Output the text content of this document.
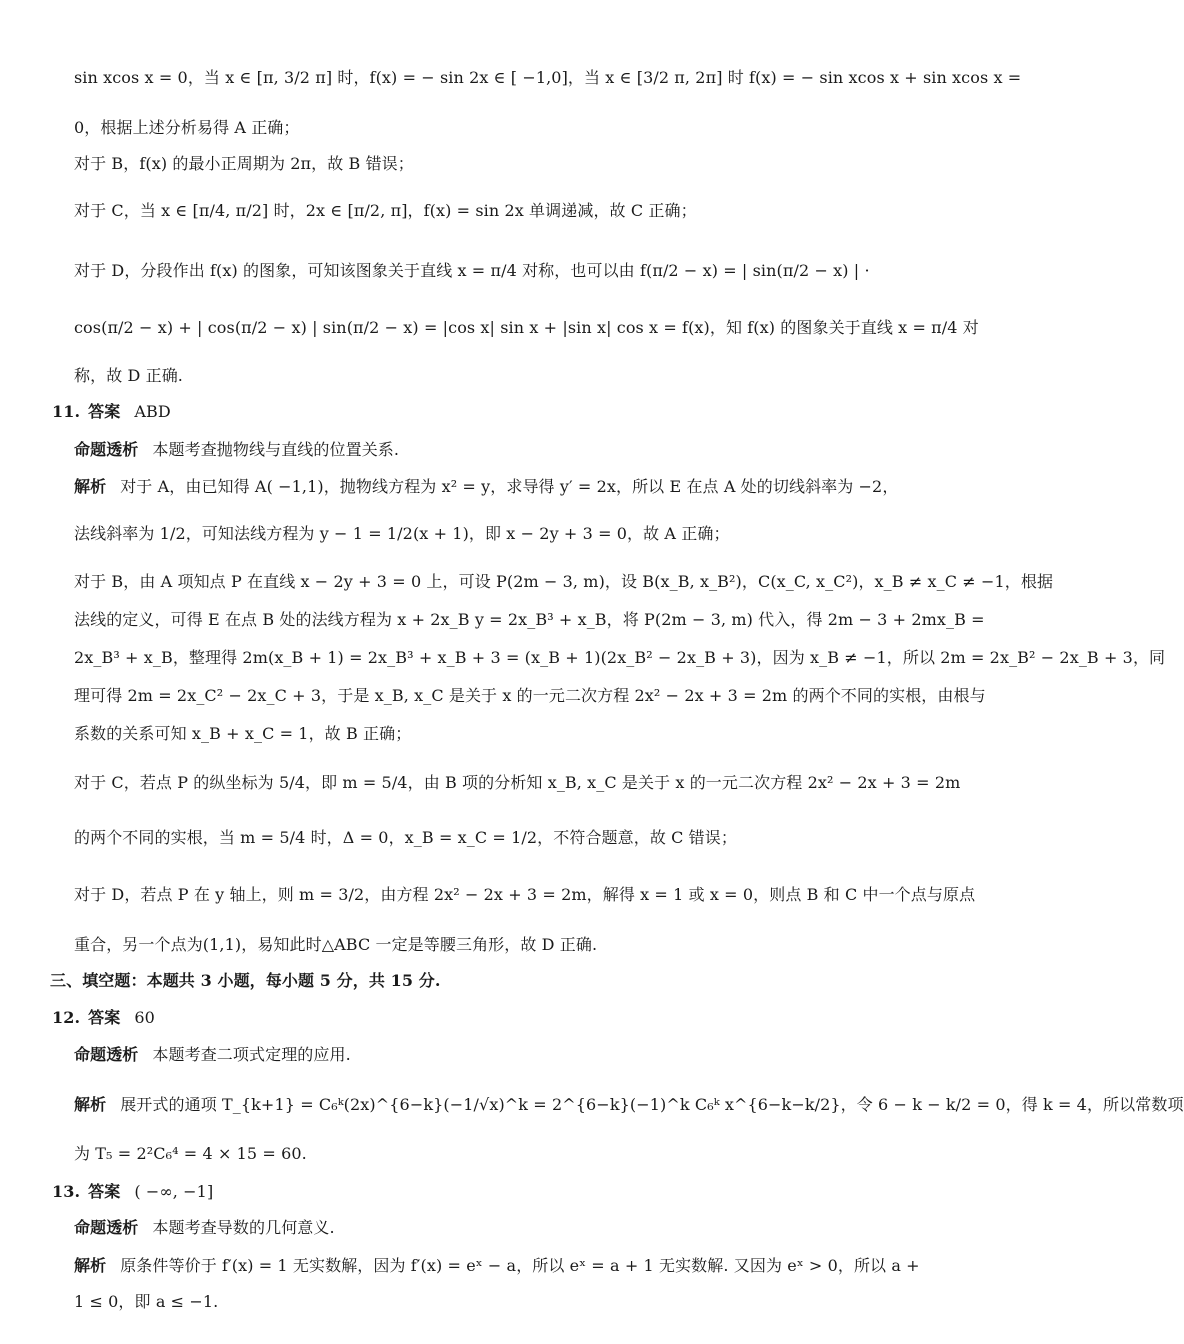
sin xcos x = 0，当 x ∈ [π, 3/2 π] 时，f(x) = − sin 2x ∈ [ −1,0]，当 x ∈ [3/2 π, 2π] 时 f(x) = − sin xcos x + sin xcos x =
0，根据上述分析易得 A 正确；
对于 B，f(x) 的最小正周期为 2π，故 B 错误；
对于 C，当 x ∈ [π/4, π/2] 时，2x ∈ [π/2, π]，f(x) = sin 2x 单调递减，故 C 正确；
对于 D，分段作出 f(x) 的图象，可知该图象关于直线 x = π/4 对称，也可以由 f(π/2 − x) = | sin(π/2 − x) | ·
cos(π/2 − x) + | cos(π/2 − x) | sin(π/2 − x) = |cos x| sin x + |sin x| cos x = f(x)，知 f(x) 的图象关于直线 x = π/4 对
称，故 D 正确.
11. 答案 ABD
命题透析 本题考查抛物线与直线的位置关系.
解析 对于 A，由已知得 A( −1,1)，抛物线方程为 x² = y，求导得 y′ = 2x，所以 E 在点 A 处的切线斜率为 −2，
法线斜率为 1/2，可知法线方程为 y − 1 = 1/2(x + 1)，即 x − 2y + 3 = 0，故 A 正确；
对于 B，由 A 项知点 P 在直线 x − 2y + 3 = 0 上，可设 P(2m − 3, m)，设 B(x_B, x_B²)，C(x_C, x_C²)，x_B ≠ x_C ≠ −1，根据
法线的定义，可得 E 在点 B 处的法线方程为 x + 2x_B y = 2x_B³ + x_B，将 P(2m − 3, m) 代入，得 2m − 3 + 2mx_B =
2x_B³ + x_B，整理得 2m(x_B + 1) = 2x_B³ + x_B + 3 = (x_B + 1)(2x_B² − 2x_B + 3)，因为 x_B ≠ −1，所以 2m = 2x_B² − 2x_B + 3，同
理可得 2m = 2x_C² − 2x_C + 3，于是 x_B, x_C 是关于 x 的一元二次方程 2x² − 2x + 3 = 2m 的两个不同的实根，由根与
系数的关系可知 x_B + x_C = 1，故 B 正确；
对于 C，若点 P 的纵坐标为 5/4，即 m = 5/4，由 B 项的分析知 x_B, x_C 是关于 x 的一元二次方程 2x² − 2x + 3 = 2m
的两个不同的实根，当 m = 5/4 时，Δ = 0，x_B = x_C = 1/2，不符合题意，故 C 错误；
对于 D，若点 P 在 y 轴上，则 m = 3/2，由方程 2x² − 2x + 3 = 2m，解得 x = 1 或 x = 0，则点 B 和 C 中一个点与原点
重合，另一个点为(1,1)，易知此时△ABC 一定是等腰三角形，故 D 正确.
三、填空题：本题共 3 小题，每小题 5 分，共 15 分.
12. 答案 60
命题透析 本题考查二项式定理的应用.
解析 展开式的通项 T_{k+1} = C₆ᵏ(2x)^{6−k}(−1/√x)^k = 2^{6−k}(−1)^k C₆ᵏ x^{6−k−k/2}，令 6 − k − k/2 = 0，得 k = 4，所以常数项
为 T₅ = 2²C₆⁴ = 4 × 15 = 60.
13. 答案 ( −∞, −1]
命题透析 本题考查导数的几何意义.
解析 原条件等价于 f′(x) = 1 无实数解，因为 f′(x) = eˣ − a，所以 eˣ = a + 1 无实数解. 又因为 eˣ > 0，所以 a +
1 ≤ 0，即 a ≤ −1.
